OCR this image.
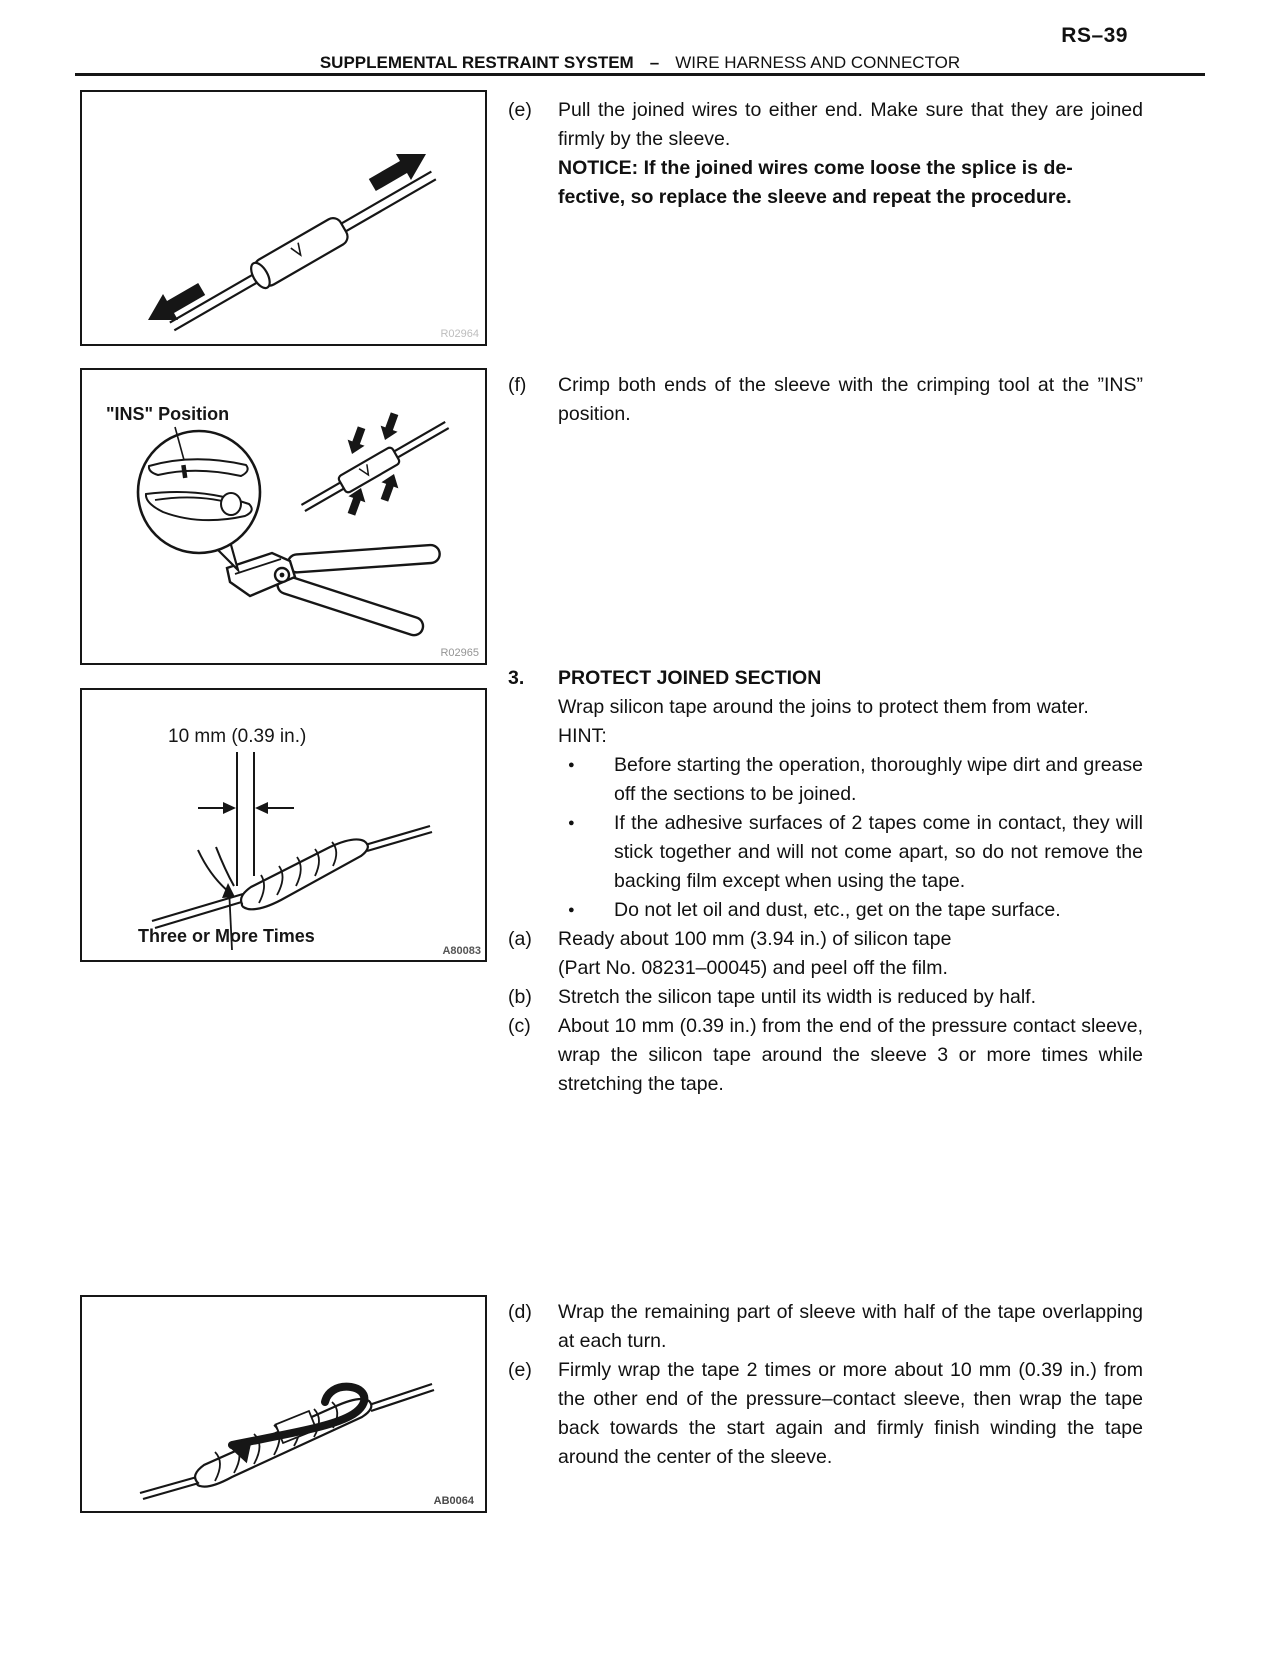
RS–39
SUPPLEMENTAL RESTRAINT SYSTEM – WIRE HARNESS AND CONNECTOR
R02964
"INS" Position
R02965
10 mm (0.39 in.)
Three or More Times
A80083
AB0064
(e)	Pull the joined wires to either end. Make sure that they are joined firmly by the sleeve.
NOTICE: If the joined wires come loose the splice is de-
fective, so replace the sleeve and repeat the procedure.
(f)	Crimp both ends of the sleeve with the crimping tool at the ”INS” position.
3.	PROTECT JOINED SECTION
Wrap silicon tape around the joins to protect them from water.
HINT:
●	Before starting the operation, thoroughly wipe dirt and grease off the sections to be joined.
●	If the adhesive surfaces of 2 tapes come in contact, they will stick together and will not come apart, so do not remove the backing film except when using the tape.
●	Do not let oil and dust, etc., get on the tape surface.
(a)	Ready about 100 mm (3.94 in.) of silicon tape
(Part No. 08231–00045) and peel off the film.
(b)	Stretch the silicon tape until its width is reduced by half.
(c)	About 10 mm (0.39 in.) from the end of the pressure contact sleeve, wrap the silicon tape around the sleeve 3 or more times while stretching the tape.
(d)	Wrap the remaining part of sleeve with half of the tape overlapping at each turn.
(e)	Firmly wrap the tape 2 times or more about 10 mm (0.39 in.) from the other end of the pressure–contact sleeve, then wrap the tape back towards the start again and firmly finish winding the tape around the center of the sleeve.
